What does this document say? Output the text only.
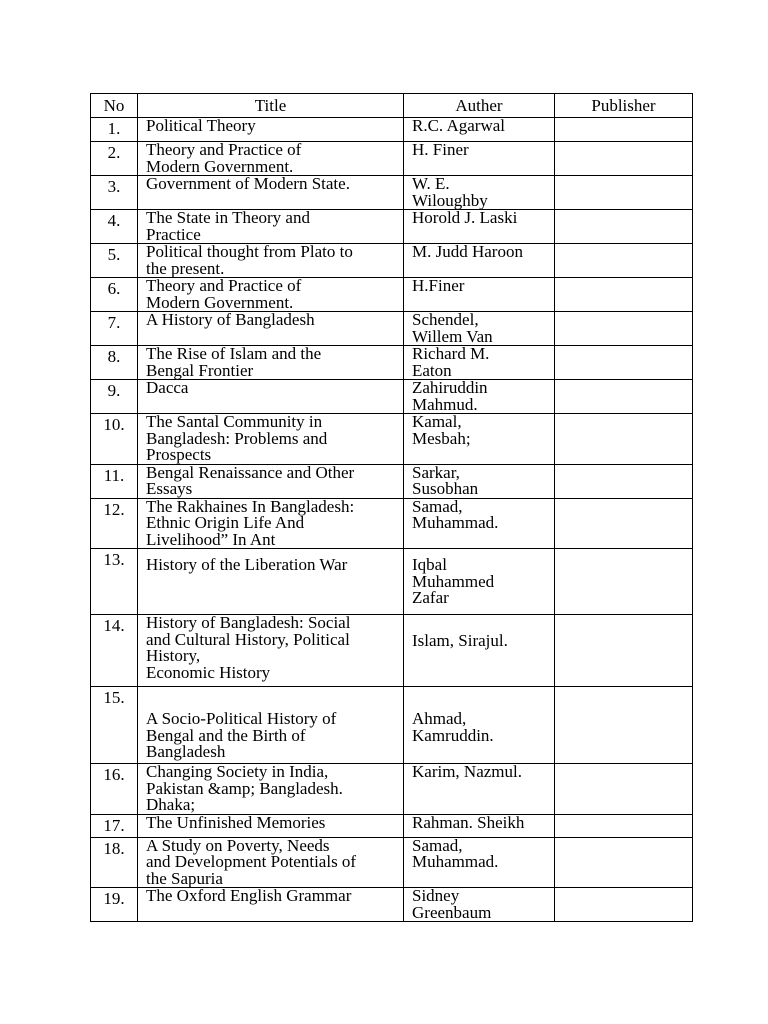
No	Title	Auther	Publisher

1.	Political Theory	R.C. Agarwal	

2.	Theory and Practice of
Modern Government.	H. Finer	

3.	Government of Modern State.	W. E.
Wiloughby	

4.	The State in Theory and
Practice	Horold J. Laski	

5.	Political thought from Plato to
the present.	M. Judd Haroon	

6.	Theory and Practice of
Modern Government.	H.Finer	

7.	A History of Bangladesh	Schendel,
Willem Van	

8.	The Rise of Islam and the
Bengal Frontier	Richard M.
Eaton	

9.	Dacca	Zahiruddin
Mahmud.	

10.	The Santal Community in
Bangladesh: Problems and
Prospects	Kamal,
Mesbah;	

11.	Bengal Renaissance and Other
Essays	Sarkar,
Susobhan	

12.	The Rakhaines In Bangladesh:
Ethnic Origin Life And
Livelihood” In Ant	Samad,
Muhammad.	

13.	History of the Liberation War	Iqbal
Muhammed
Zafar	

14.	History of Bangladesh: Social
and Cultural History, Political
History,
Economic History	Islam, Sirajul.	

15.	A Socio-Political History of
Bengal and the Birth of
Bangladesh	Ahmad,
Kamruddin.	

16.	Changing Society in India,
Pakistan &amp; Bangladesh.
Dhaka;	Karim, Nazmul.	

17.	The Unfinished Memories	Rahman. Sheikh	

18.	A Study on Poverty, Needs
and Development Potentials of
the Sapuria	Samad,
Muhammad.	

19.	The Oxford English Grammar	Sidney
Greenbaum	
